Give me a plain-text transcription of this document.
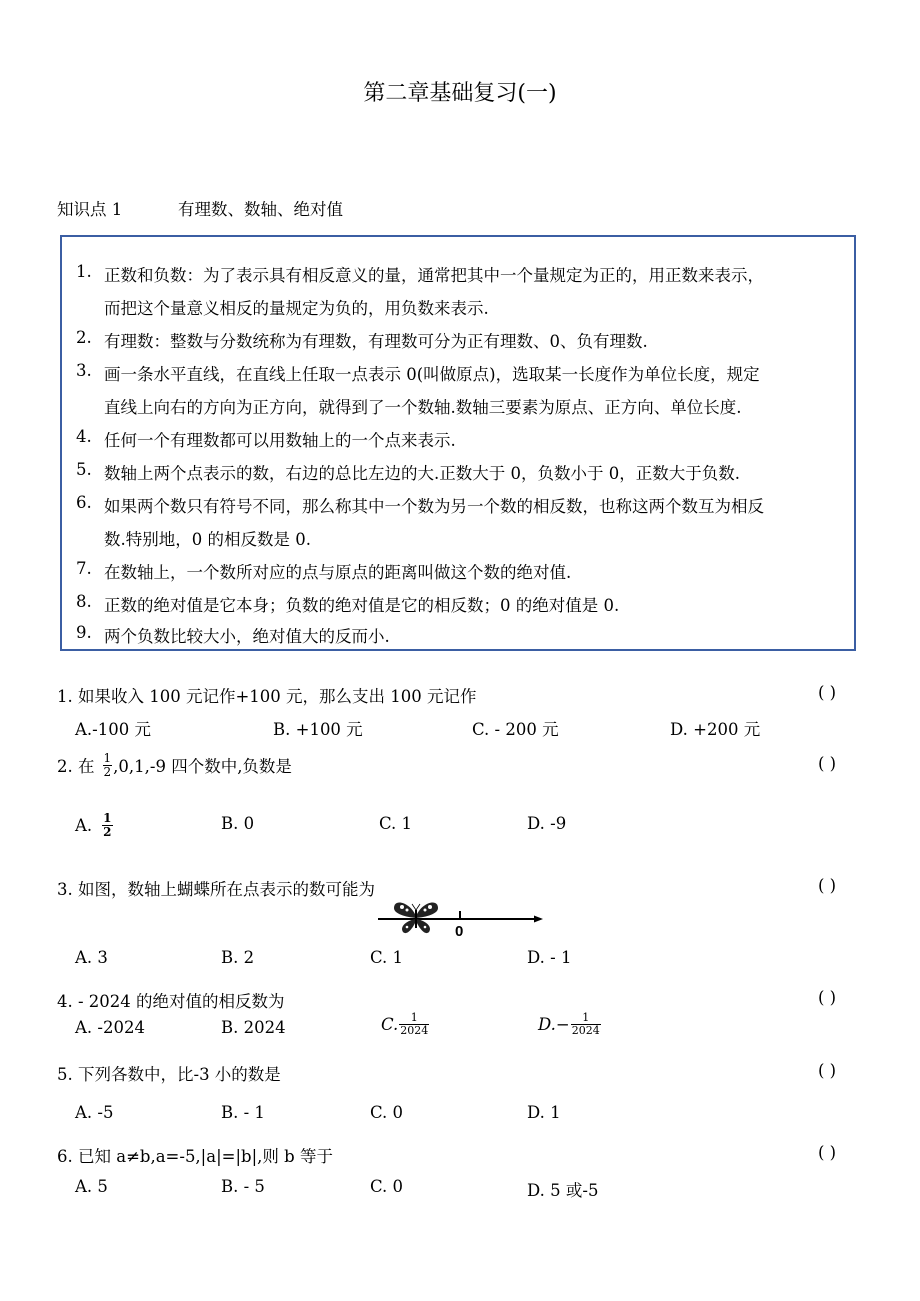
第二章基础复习(一)
知识点 1	有理数、数轴、绝对值
1. 正数和负数：为了表示具有相反意义的量，通常把其中一个量规定为正的，用正数来表示，
而把这个量意义相反的量规定为负的，用负数来表示.
2. 有理数：整数与分数统称为有理数，有理数可分为正有理数、0、负有理数.
3. 画一条水平直线，在直线上任取一点表示 0(叫做原点)，选取某一长度作为单位长度，规定
直线上向右的方向为正方向，就得到了一个数轴.数轴三要素为原点、正方向、单位长度.
4. 任何一个有理数都可以用数轴上的一个点来表示.
5. 数轴上两个点表示的数，右边的总比左边的大.正数大于 0，负数小于 0，正数大于负数.
6. 如果两个数只有符号不同，那么称其中一个数为另一个数的相反数，也称这两个数互为相反
数.特别地，0 的相反数是 0.
7. 在数轴上，一个数所对应的点与原点的距离叫做这个数的绝对值.
8. 正数的绝对值是它本身；负数的绝对值是它的相反数；0 的绝对值是 0.
9. 两个负数比较大小，绝对值大的反而小.
1. 如果收入 100 元记作+100 元，那么支出 100 元记作	( )
A.-100 元	B. +100 元	C. - 200 元	D. +200 元
2. 在 $\frac{1}{2} ,0,1,-9$ 四个数中,负数是	( )
A. $\frac{1}{2}$	B. 0	C. 1	D. -9
3. 如图，数轴上蝴蝶所在点表示的数可能为	( )
0
A. 3	B. 2	C. 1	D. - 1
4. - 2024 的绝对值的相反数为	( )
A. -2024	B. 2024	C. $\frac{1}{2024}$	$D.- \frac{1}{2024}$
5. 下列各数中，比-3 小的数是	( )
A. -5	B. - 1	C. 0	D. 1
6. 已知 a≠b,a=-5,|a|=|b|,则 b 等于	( )
A. 5	B. - 5	C. 0	D. 5 或-5
